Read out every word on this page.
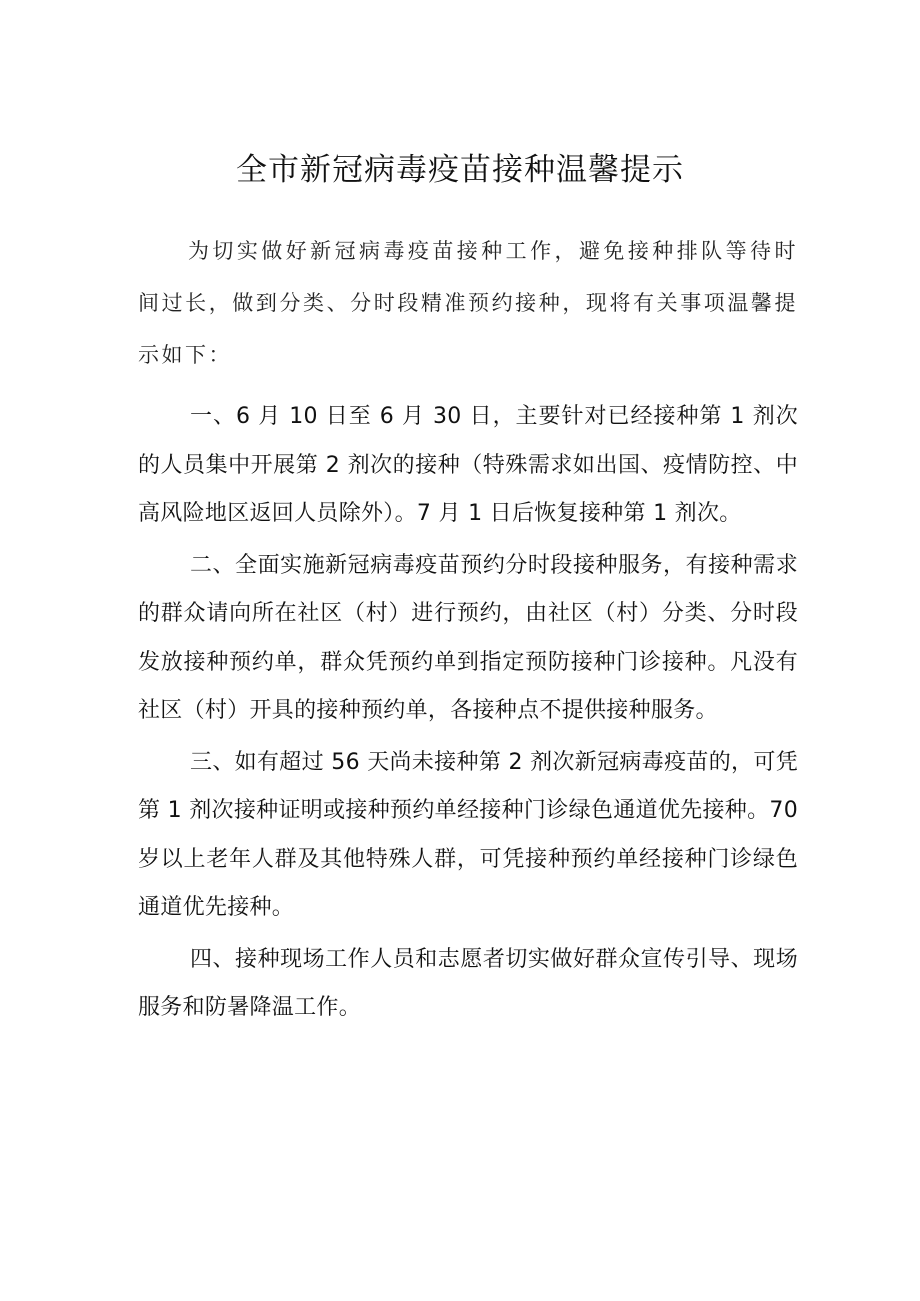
全市新冠病毒疫苗接种温馨提示

为切实做好新冠病毒疫苗接种工作，避免接种排队等待时间过长，做到分类、分时段精准预约接种，现将有关事项温馨提示如下：

一、6 月 10 日至 6 月 30 日，主要针对已经接种第 1 剂次的人员集中开展第 2 剂次的接种（特殊需求如出国、疫情防控、中高风险地区返回人员除外）。7 月 1 日后恢复接种第 1 剂次。

二、全面实施新冠病毒疫苗预约分时段接种服务，有接种需求的群众请向所在社区（村）进行预约，由社区（村）分类、分时段发放接种预约单，群众凭预约单到指定预防接种门诊接种。凡没有社区（村）开具的接种预约单，各接种点不提供接种服务。

三、如有超过 56 天尚未接种第 2 剂次新冠病毒疫苗的，可凭第 1 剂次接种证明或接种预约单经接种门诊绿色通道优先接种。70 岁以上老年人群及其他特殊人群，可凭接种预约单经接种门诊绿色通道优先接种。

四、接种现场工作人员和志愿者切实做好群众宣传引导、现场服务和防暑降温工作。
